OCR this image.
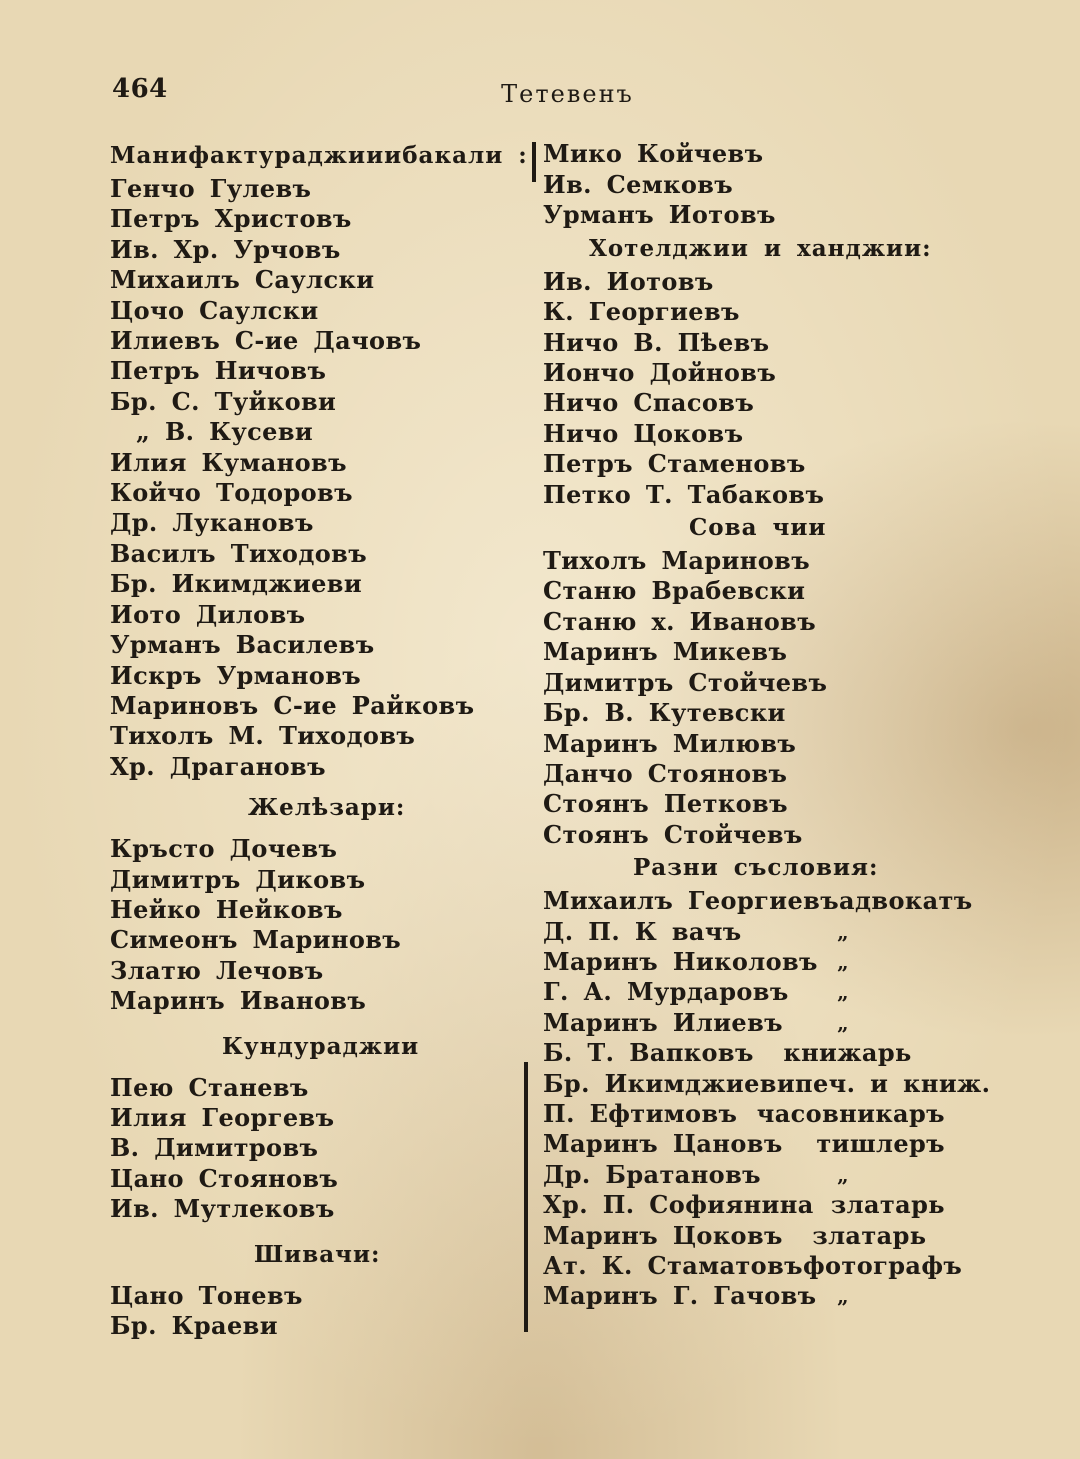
464	Тетевенъ
Манифактураджии и бакали :
Генчо Гулевъ
Петръ Христовъ
Ив. Хр. Урчовъ
Михаилъ Саулски
Цочо Саулски
Илиевъ С-ие Дачовъ
Петръ Ничовъ
Бр. С. Туйкови
„ В. Кусеви
Илия Кумановъ
Койчо Тодоровъ
Др. Лукановъ
Василъ Тиходовъ
Бр. Икимджиеви
Иото Диловъ
Урманъ Василевъ
Искръ Урмановъ
Мариновъ С-ие Райковъ
Тихолъ М. Тиходовъ
Хр. Драгановъ
Желѣзари:
Кръсто Дочевъ
Димитръ Диковъ
Нейко Нейковъ
Симеонъ Мариновъ
Златю Лечовъ
Маринъ Ивановъ
Кундураджии
Пею Станевъ
Илия Георгевъ
В. Димитровъ
Цано Стояновъ
Ив. Мутлековъ
Шивачи:
Цано Тоневъ
Бр. Краеви
Мико Койчевъ
Ив. Семковъ
Урманъ Иотовъ
Хотелджии и ханджии:
Ив. Иотовъ
К. Георгиевъ
Ничо В. Пѣевъ
Иончо Дойновъ
Ничо Спасовъ
Ничо Цоковъ
Петръ Стаменовъ
Петко Т. Табаковъ
Сова чии
Тихолъ Мариновъ
Станю Врабевски
Станю х. Ивановъ
Маринъ Микевъ
Димитръ Стойчевъ
Бр. В. Кутевски
Маринъ Милювъ
Данчо Стояновъ
Стоянъ Петковъ
Стоянъ Стойчевъ
Разни съсловия:
Михаилъ Георгиевъ адвокатъ
Д. П. К вачъ	„
Маринъ Николовъ „
Г. А. Мурдаровъ „
Маринъ Илиевъ	„
Б. Т. Вапковъ книжарь
Бр. Икимджиеви печ. и книж.
П. Ефтимовъ часовникаръ
Маринъ Цановъ тишлеръ
Др. Братановъ	„
Хр. П. Софиянина златарь
Маринъ Цоковъ златарь
Ат. К. Стаматовъ фотографъ
Маринъ Г. Гачовъ „
